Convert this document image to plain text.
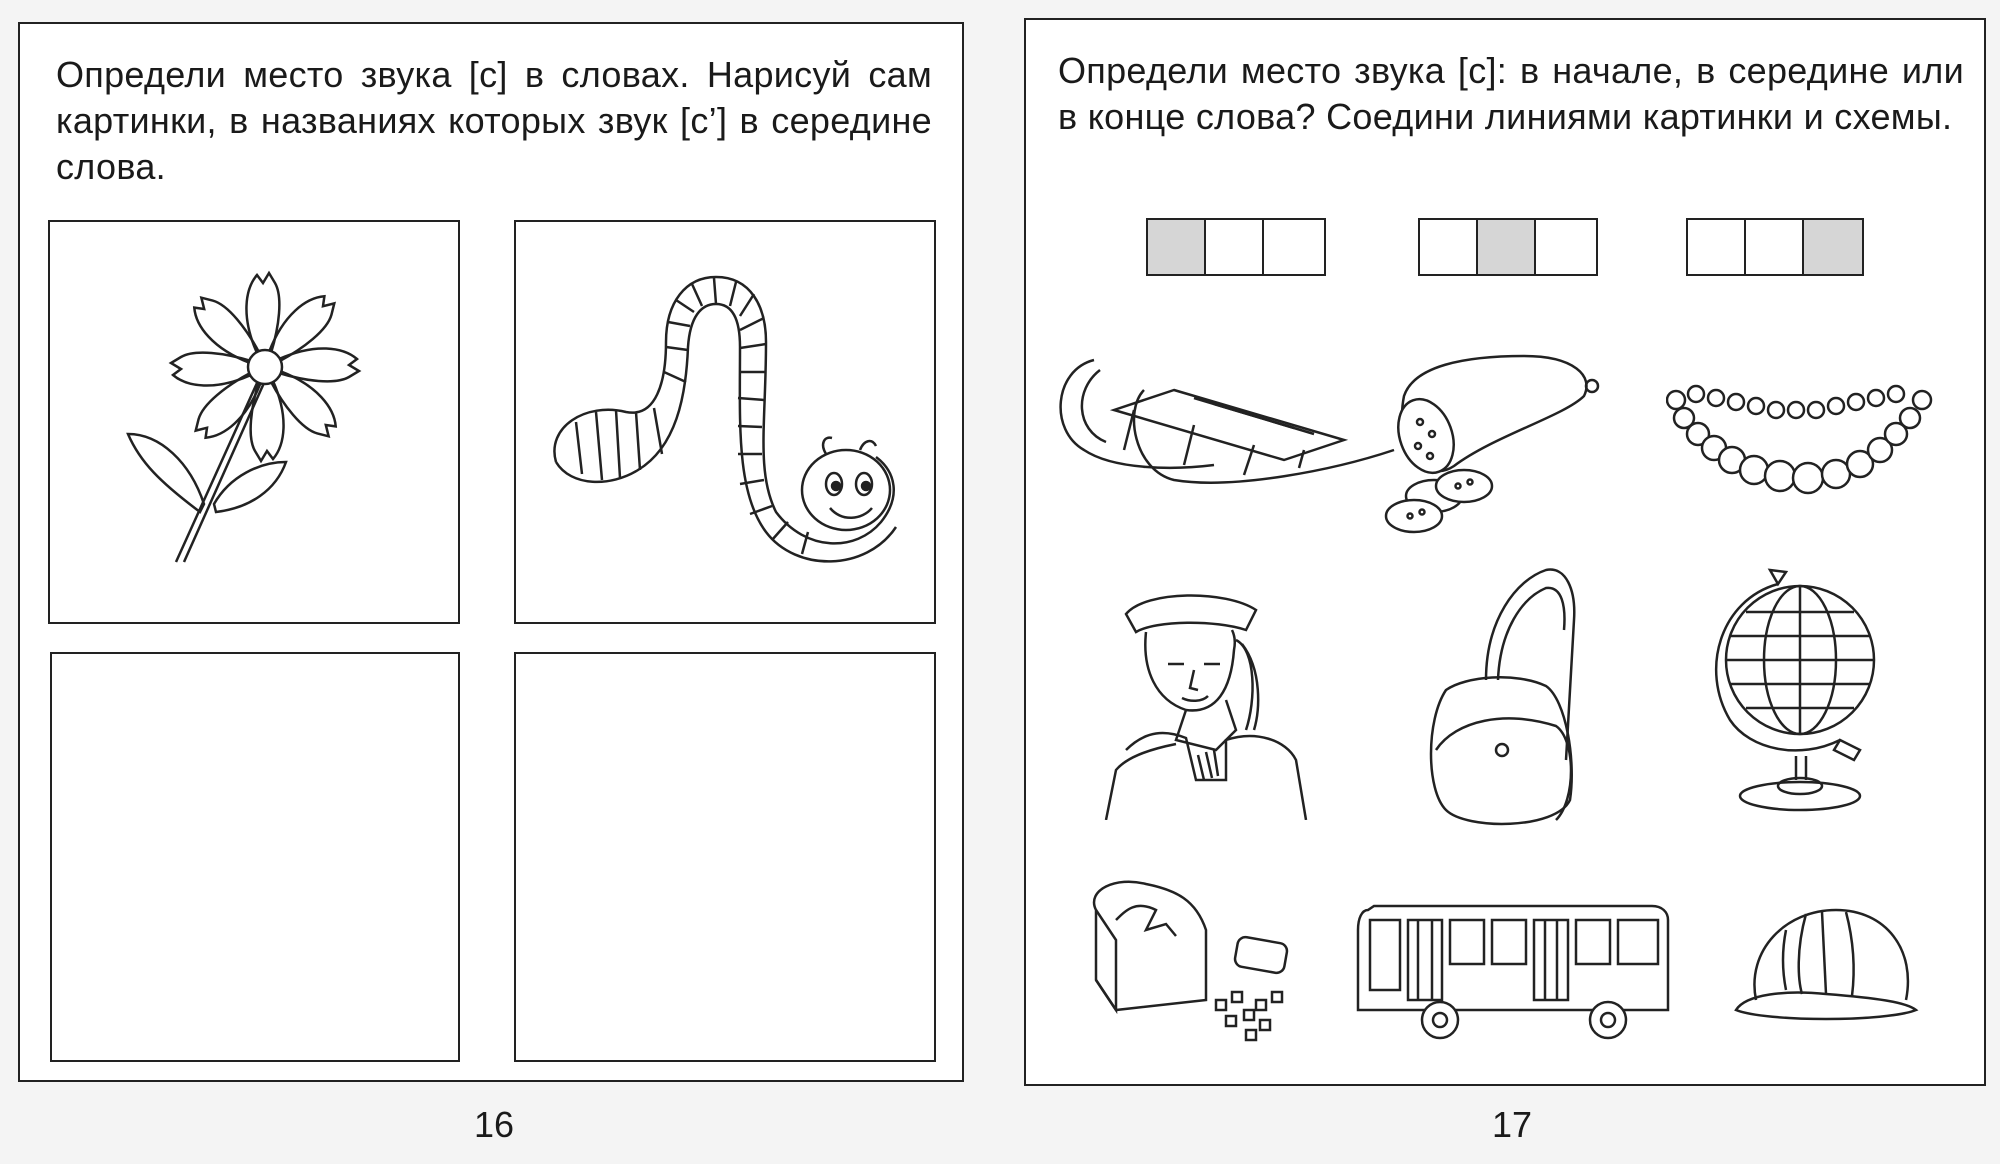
Определи место звука [с] в словах. Нарисуй сам картинки, в названиях которых звук [с’] в середине слова.
Определи место звука [с]: в начале, в середине или в конце слова? Соедини линиями картинки и схемы.
16	17
